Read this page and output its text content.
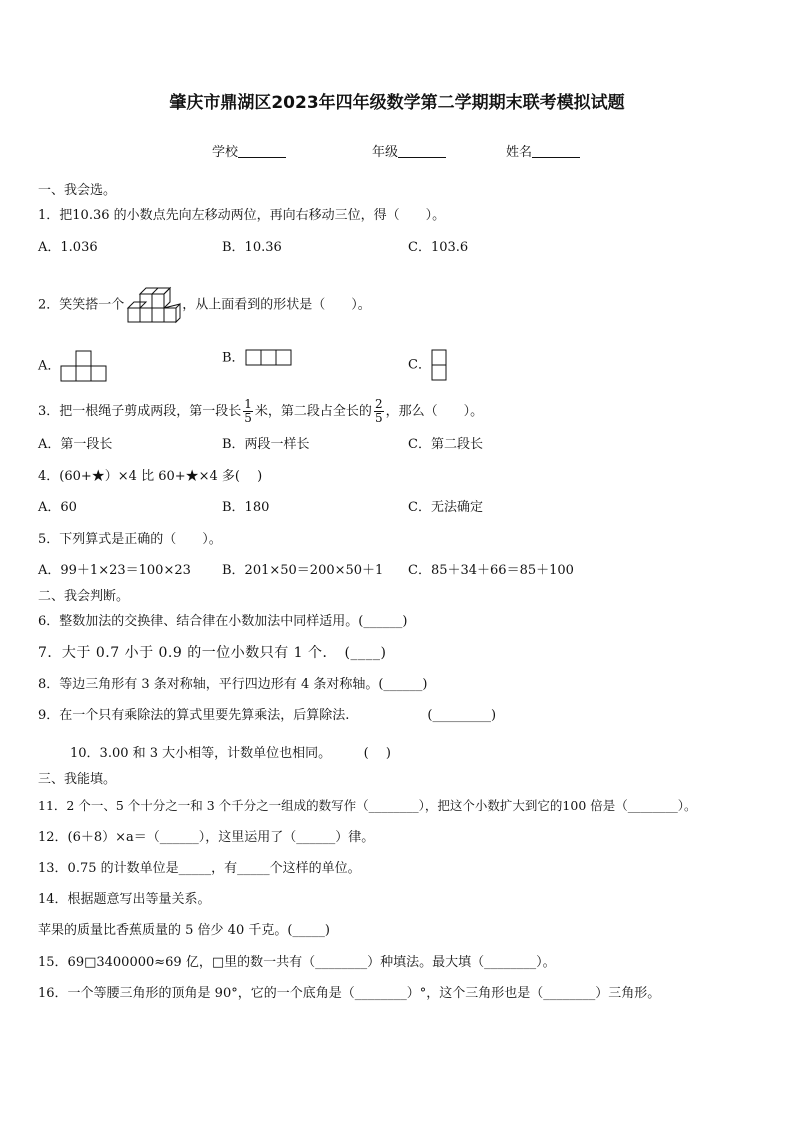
肇庆市鼎湖区2023年四年级数学第二学期期末联考模拟试题
学校	年级	姓名
一、我会选。
1．把10.36 的小数点先向左移动两位，再向右移动三位，得（　　）。
A．1.036	B．10.36	C．103.6
2．笑笑搭一个	，从上面看到的形状是（　　）。
A．
B．	C．
3．把一根绳子剪成两段，第一段长 $\frac{1}{5}$ 米，第二段占全长的 $\frac{2}{5}$ ，那么（　　）。
A．第一段长	B．两段一样长	C．第二段长
4．(60+★）×4 比 60+★×4 多(　 )
A．60	B．180	C．无法确定
5．下列算式是正确的（　　）。
A．99＋1×23＝100×23 B．201×50＝200×50＋1 C．85＋34＋66＝85＋100
二、我会判断。
6．整数加法的交换律、结合律在小数加法中同样适用。(______)
7．大于 0.7 小于 0.9 的一位小数只有 1 个．　(____)
8．等边三角形有 3 条对称轴，平行四边形有 4 条对称轴。(______)
9．在一个只有乘除法的算式里要先算乘法，后算除法.　　　　　　(_________)
10．3.00 和 3 大小相等，计数单位也相同。　　　(　 )
三、我能填。
11．2 个一、5 个十分之一和 3 个千分之一组成的数写作（________），把这个小数扩大到它的100 倍是（________）。
12．(6＋8）×a＝（______），这里运用了（______）律。
13．0.75 的计数单位是_____，有_____个这样的单位。
14．根据题意写出等量关系。
苹果的质量比香蕉质量的 5 倍少 40 千克。(_____)
15．69□3400000≈69 亿，□里的数一共有（________）种填法。最大填（________）。
16．一个等腰三角形的顶角是 90°，它的一个底角是（________）°，这个三角形也是（________）三角形。
